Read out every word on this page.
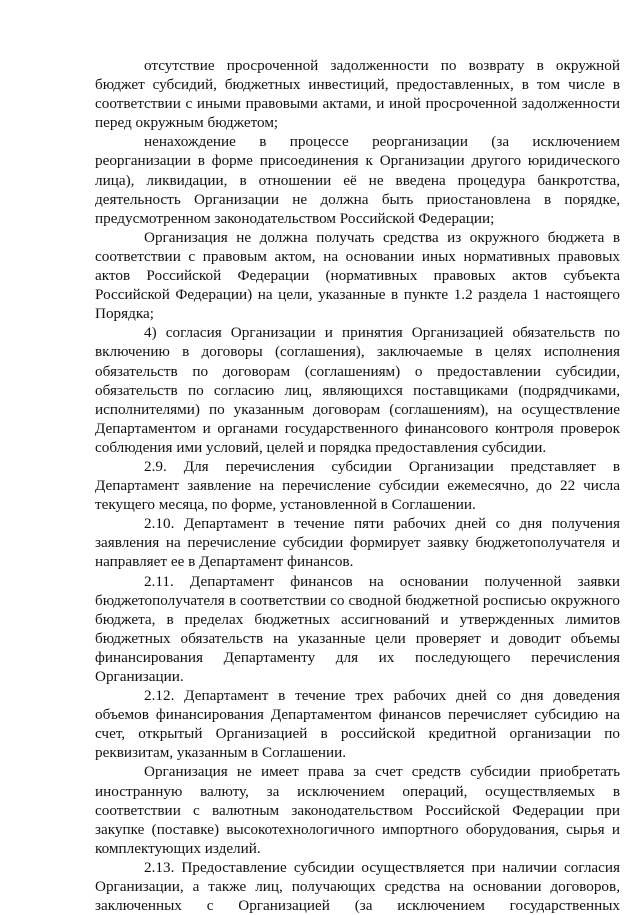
отсутствие просроченной задолженности по возврату в окружной бюджет субсидий, бюджетных инвестиций, предоставленных, в том числе в соответствии с иными правовыми актами, и иной просроченной задолженности перед окружным бюджетом;

ненахождение в процессе реорганизации (за исключением реорганизации в форме присоединения к Организации другого юридического лица), ликвидации, в отношении её не введена процедура банкротства, деятельность Организации не должна быть приостановлена в порядке, предусмотренном законодательством Российской Федерации;

Организация не должна получать средства из окружного бюджета в соответствии с правовым актом, на основании иных нормативных правовых актов Российской Федерации (нормативных правовых актов субъекта Российской Федерации) на цели, указанные в пункте 1.2 раздела 1 настоящего Порядка;

4) согласия Организации и принятия Организацией обязательств по включению в договоры (соглашения), заключаемые в целях исполнения обязательств по договорам (соглашениям) о предоставлении субсидии, обязательств по согласию лиц, являющихся поставщиками (подрядчиками, исполнителями) по указанным договорам (соглашениям), на осуществление Департаментом и органами государственного финансового контроля проверок соблюдения ими условий, целей и порядка предоставления субсидии.

2.9. Для перечисления субсидии Организации представляет в Департамент заявление на перечисление субсидии ежемесячно, до 22 числа текущего месяца, по форме, установленной в Соглашении.

2.10. Департамент в течение пяти рабочих дней со дня получения заявления на перечисление субсидии формирует заявку бюджетополучателя и направляет ее в Департамент финансов.

2.11. Департамент финансов на основании полученной заявки бюджетополучателя в соответствии со сводной бюджетной росписью окружного бюджета, в пределах бюджетных ассигнований и утвержденных лимитов бюджетных обязательств на указанные цели проверяет и доводит объемы финансирования Департаменту для их последующего перечисления Организации.

2.12. Департамент в течение трех рабочих дней со дня доведения объемов финансирования Департаментом финансов перечисляет субсидию на счет, открытый Организацией в российской кредитной организации по реквизитам, указанным в Соглашении.

Организация не имеет права за счет средств субсидии приобретать иностранную валюту, за исключением операций, осуществляемых в соответствии с валютным законодательством Российской Федерации при закупке (поставке) высокотехнологичного импортного оборудования, сырья и комплектующих изделий.

2.13. Предоставление субсидии осуществляется при наличии согласия Организации, а также лиц, получающих средства на основании договоров, заключенных с Организацией (за исключением государственных
